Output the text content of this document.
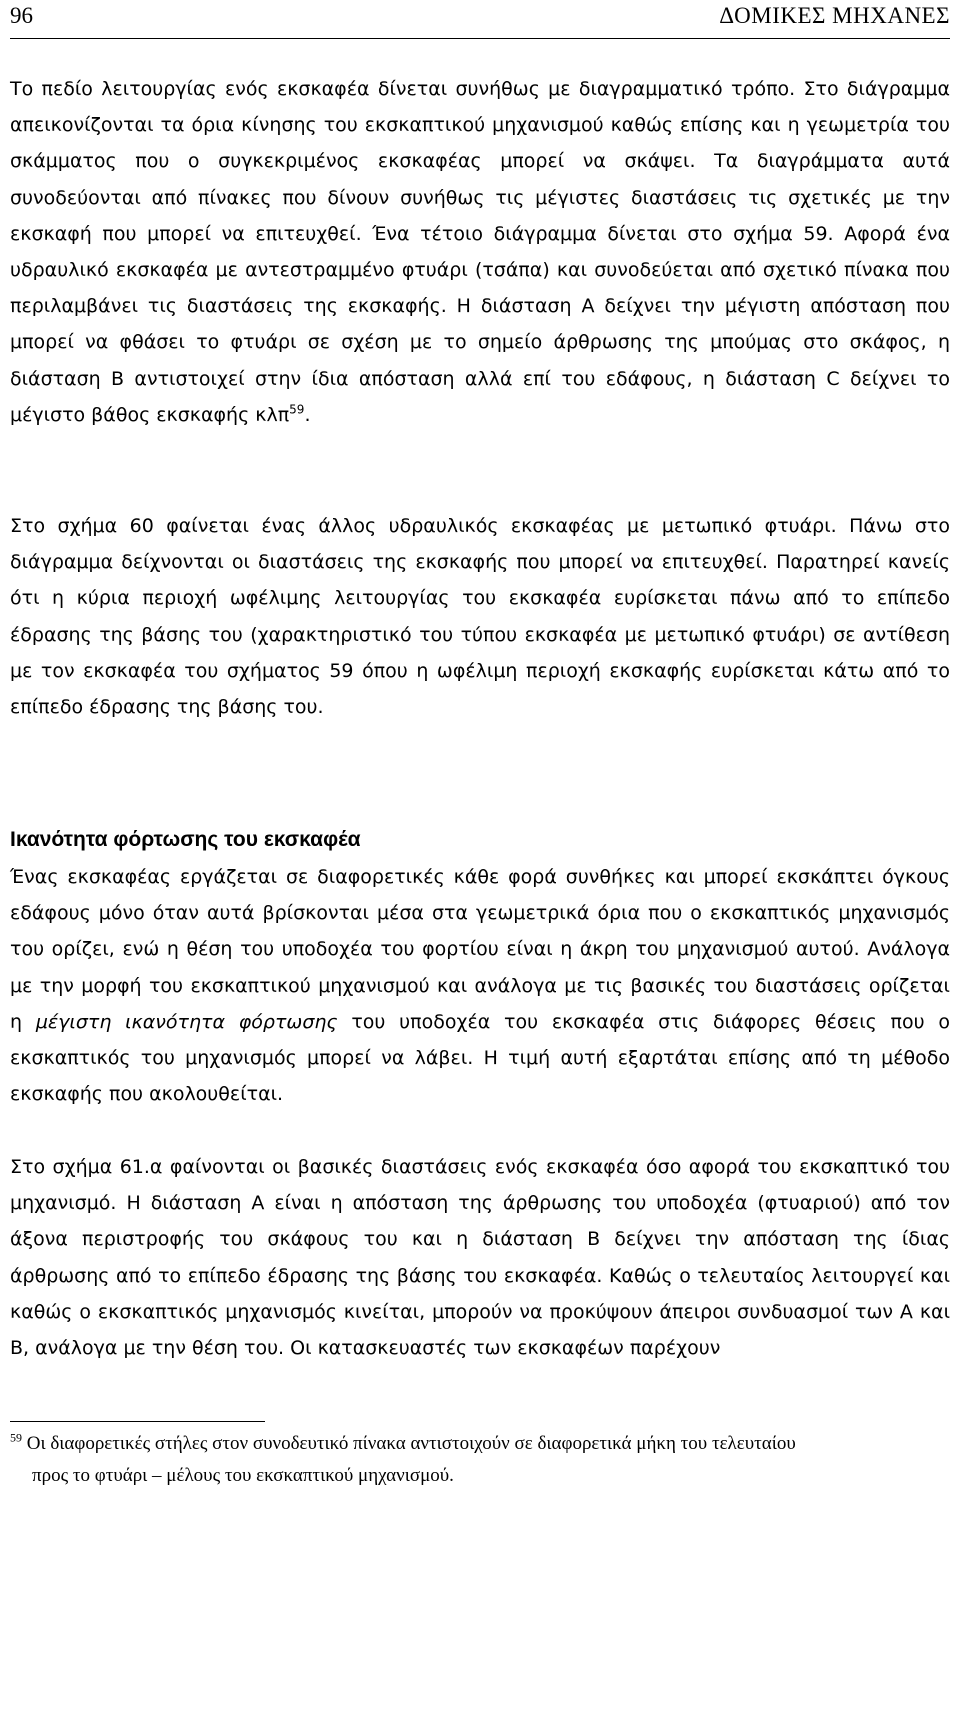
96	ΔΟΜΙΚΕΣ ΜΗΧΑΝΕΣ

Το πεδίο λειτουργίας ενός εκσκαφέα δίνεται συνήθως με διαγραμματικό τρόπο. Στο διάγραμμα απεικονίζονται τα όρια κίνησης του εκσκαπτικού μηχανισμού καθώς επίσης και η γεωμετρία του σκάμματος που ο συγκεκριμένος εκσκαφέας μπορεί να σκάψει. Τα διαγράμματα αυτά συνοδεύονται από πίνακες που δίνουν συνήθως τις μέγιστες διαστάσεις τις σχετικές με την εκσκαφή που μπορεί να επιτευχθεί. Ένα τέτοιο διάγραμμα δίνεται στο σχήμα 59. Αφορά ένα υδραυλικό εκσκαφέα με αντεστραμμένο φτυάρι (τσάπα) και συνοδεύεται από σχετικό πίνακα που περιλαμβάνει τις διαστάσεις της εκσκαφής. Η διάσταση Α δείχνει την μέγιστη απόσταση που μπορεί να φθάσει το φτυάρι σε σχέση με το σημείο άρθρωσης της μπούμας στο σκάφος, η διάσταση Β αντιστοιχεί στην ίδια απόσταση αλλά επί του εδάφους, η διάσταση C δείχνει το μέγιστο βάθος εκσκαφής κλπ$^{59}$.

Στο σχήμα 60 φαίνεται ένας άλλος υδραυλικός εκσκαφέας με μετωπικό φτυάρι. Πάνω στο διάγραμμα δείχνονται οι διαστάσεις της εκσκαφής που μπορεί να επιτευχθεί. Παρατηρεί κανείς ότι η κύρια περιοχή ωφέλιμης λειτουργίας του εκσκαφέα ευρίσκεται πάνω από το επίπεδο έδρασης της βάσης του (χαρακτηριστικό του τύπου εκσκαφέα με μετωπικό φτυάρι) σε αντίθεση με τον εκσκαφέα του σχήματος 59 όπου η ωφέλιμη περιοχή εκσκαφής ευρίσκεται κάτω από το επίπεδο έδρασης της βάσης του.

Ικανότητα φόρτωσης του εκσκαφέα

Ένας εκσκαφέας εργάζεται σε διαφορετικές κάθε φορά συνθήκες και μπορεί εκσκάπτει όγκους εδάφους μόνο όταν αυτά βρίσκονται μέσα στα γεωμετρικά όρια που ο εκσκαπτικός μηχανισμός του ορίζει, ενώ η θέση του υποδοχέα του φορτίου είναι η άκρη του μηχανισμού αυτού. Ανάλογα με την μορφή του εκσκαπτικού μηχανισμού και ανάλογα με τις βασικές του διαστάσεις ορίζεται η μέγιστη ικανότητα φόρτωσης του υποδοχέα του εκσκαφέα στις διάφορες θέσεις που ο εκσκαπτικός του μηχανισμός μπορεί να λάβει. Η τιμή αυτή εξαρτάται επίσης από τη μέθοδο εκσκαφής που ακολουθείται.

Στο σχήμα 61.α φαίνονται οι βασικές διαστάσεις ενός εκσκαφέα όσο αφορά του εκσκαπτικό του μηχανισμό. Η διάσταση Α είναι η απόσταση της άρθρωσης του υποδοχέα (φτυαριού) από τον άξονα περιστροφής του σκάφους του και η διάσταση Β δείχνει την απόσταση της ίδιας άρθρωσης από το επίπεδο έδρασης της βάσης του εκσκαφέα. Καθώς ο τελευταίος λειτουργεί και καθώς ο εκσκαπτικός μηχανισμός κινείται, μπορούν να προκύψουν άπειροι συνδυασμοί των Α και Β, ανάλογα με την θέση του. Οι κατασκευαστές των εκσκαφέων παρέχουν

$^{59}$ Οι διαφορετικές στήλες στον συνοδευτικό πίνακα αντιστοιχούν σε διαφορετικά μήκη του τελευταίου
προς το φτυάρι – μέλους του εκσκαπτικού μηχανισμού.
